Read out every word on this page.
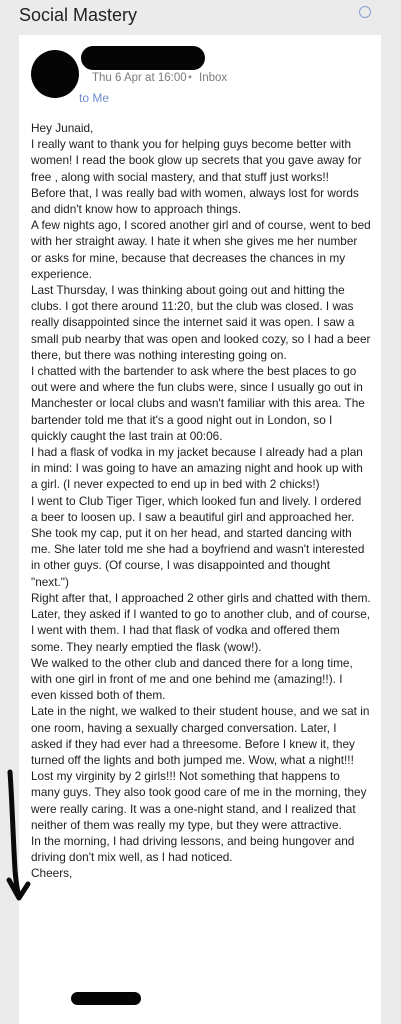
Social Mastery
Thu 6 Apr at 16:00 • Inbox
to Me

Hey Junaid,

I really want to thank you for helping guys become better with women! I read the book glow up secrets that you gave away for free , along with social mastery, and that stuff just works!!

Before that, I was really bad with women, always lost for words and didn't know how to approach things.

A few nights ago, I scored another girl and of course, went to bed with her straight away. I hate it when she gives me her number or asks for mine, because that decreases the chances in my experience.

Last Thursday, I was thinking about going out and hitting the clubs. I got there around 11:20, but the club was closed. I was really disappointed since the internet said it was open. I saw a small pub nearby that was open and looked cozy, so I had a beer there, but there was nothing interesting going on.

I chatted with the bartender to ask where the best places to go out were and where the fun clubs were, since I usually go out in Manchester or local clubs and wasn't familiar with this area. The bartender told me that it's a good night out in London, so I quickly caught the last train at 00:06.

I had a flask of vodka in my jacket because I already had a plan in mind: I was going to have an amazing night and hook up with a girl. (I never expected to end up in bed with 2 chicks!)

I went to Club Tiger Tiger, which looked fun and lively. I ordered a beer to loosen up. I saw a beautiful girl and approached her. She took my cap, put it on her head, and started dancing with me. She later told me she had a boyfriend and wasn't interested in other guys. (Of course, I was disappointed and thought "next.")

Right after that, I approached 2 other girls and chatted with them. Later, they asked if I wanted to go to another club, and of course, I went with them. I had that flask of vodka and offered them some. They nearly emptied the flask (wow!).

We walked to the other club and danced there for a long time, with one girl in front of me and one behind me (amazing!!). I even kissed both of them.

Late in the night, we walked to their student house, and we sat in one room, having a sexually charged conversation. Later, I asked if they had ever had a threesome. Before I knew it, they turned off the lights and both jumped me. Wow, what a night!!!

Lost my virginity by 2 girls!!! Not something that happens to many guys. They also took good care of me in the morning, they were really caring. It was a one-night stand, and I realized that neither of them was really my type, but they were attractive.

In the morning, I had driving lessons, and being hungover and driving don't mix well, as I had noticed.

Cheers,
